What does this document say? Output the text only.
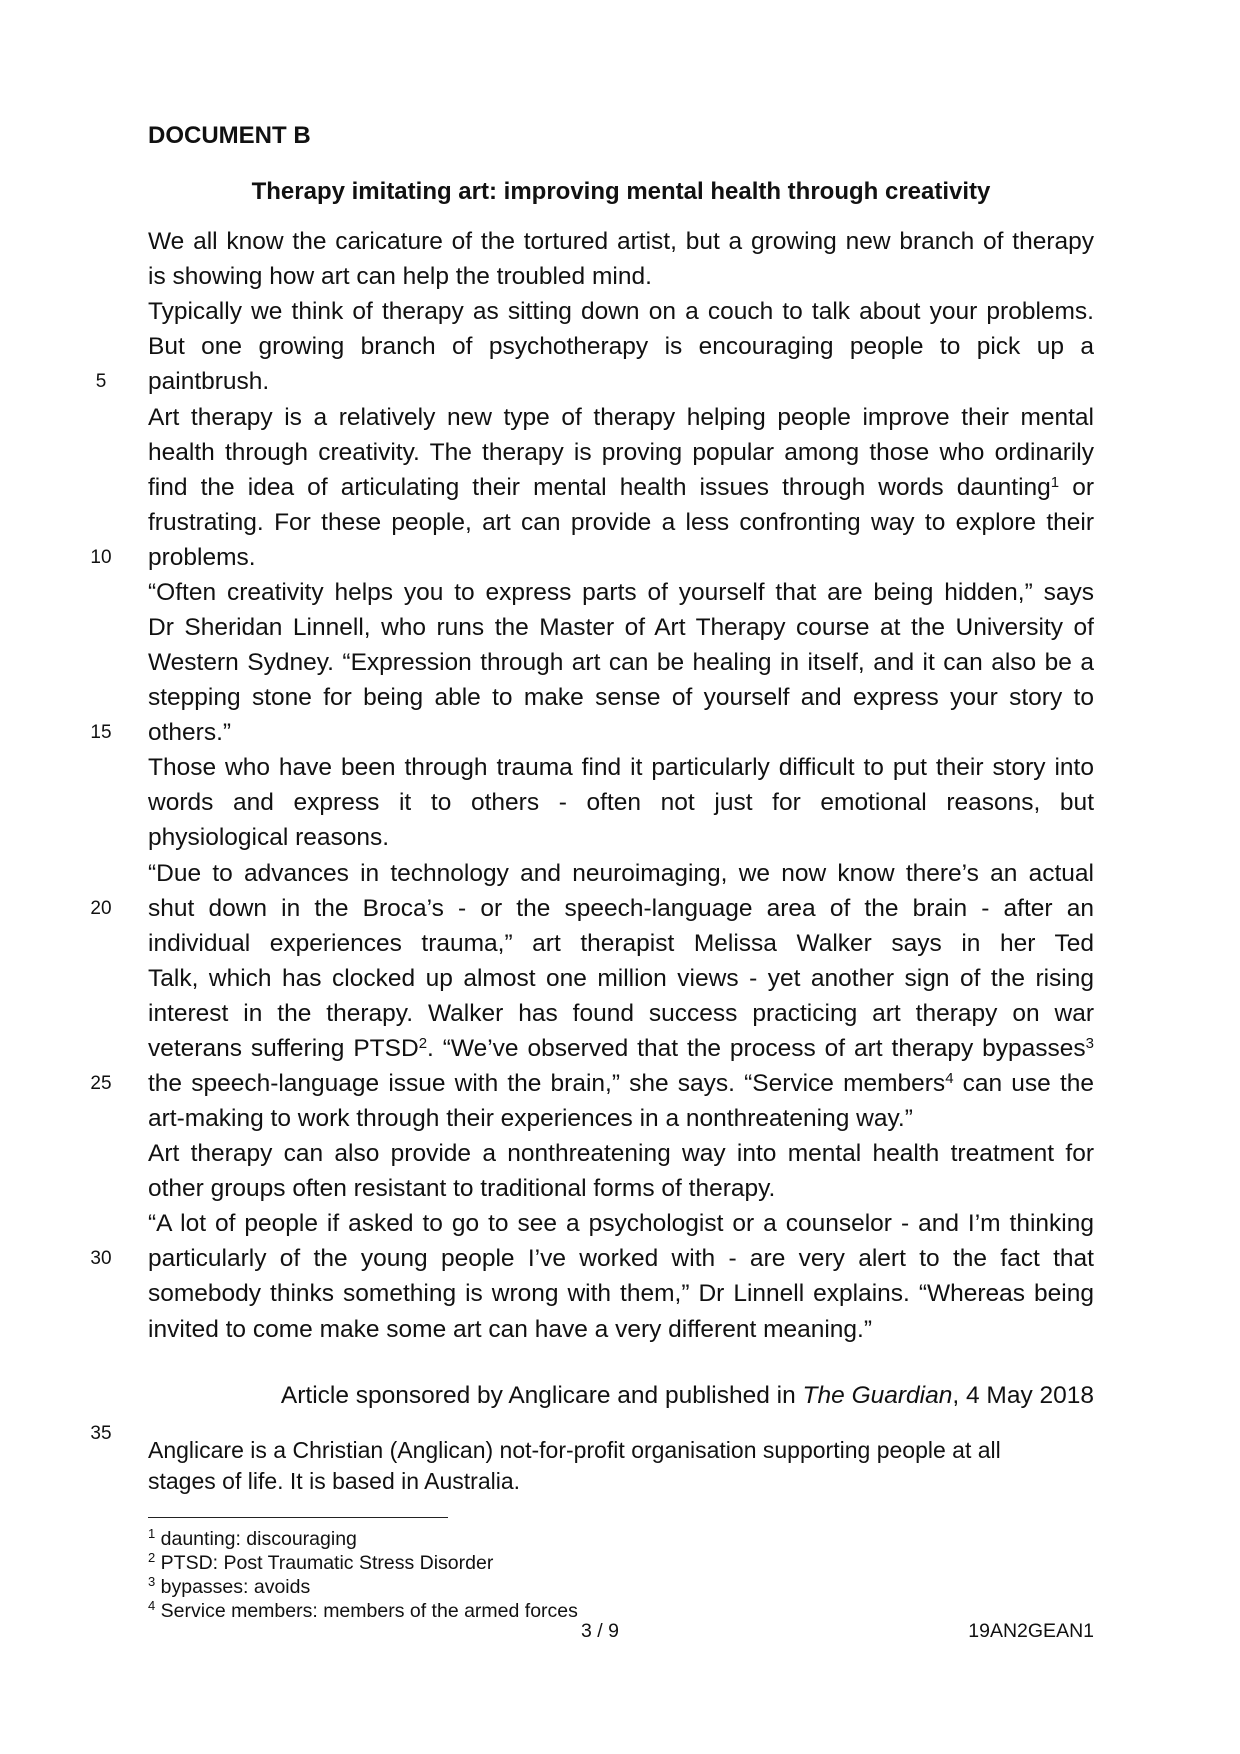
DOCUMENT B
Therapy imitating art: improving mental health through creativity
We all know the caricature of the tortured artist, but a growing new branch of therapy
is showing how art can help the troubled mind.
Typically we think of therapy as sitting down on a couch to talk about your problems.
But one growing branch of psychotherapy is encouraging people to pick up a
paintbrush.
Art therapy is a relatively new type of therapy helping people improve their mental
health through creativity. The therapy is proving popular among those who ordinarily
find the idea of articulating their mental health issues through words daunting$^1$ or
frustrating. For these people, art can provide a less confronting way to explore their
problems.
“Often creativity helps you to express parts of yourself that are being hidden,” says
Dr Sheridan Linnell, who runs the Master of Art Therapy course at the University of
Western Sydney. “Expression through art can be healing in itself, and it can also be a
stepping stone for being able to make sense of yourself and express your story to
others.”
Those who have been through trauma find it particularly difficult to put their story into
words and express it to others - often not just for emotional reasons, but
physiological reasons.
“Due to advances in technology and neuroimaging, we now know there’s an actual
shut down in the Broca’s - or the speech-language area of the brain - after an
individual experiences trauma,” art therapist Melissa Walker says in her Ted
Talk, which has clocked up almost one million views - yet another sign of the rising
interest in the therapy. Walker has found success practicing art therapy on war
veterans suffering PTSD$^2$. “We’ve observed that the process of art therapy bypasses$^3$
the speech-language issue with the brain,” she says. “Service members$^4$ can use the
art-making to work through their experiences in a nonthreatening way.”
Art therapy can also provide a nonthreatening way into mental health treatment for
other groups often resistant to traditional forms of therapy.
“A lot of people if asked to go to see a psychologist or a counselor - and I’m thinking
particularly of the young people I’ve worked with - are very alert to the fact that
somebody thinks something is wrong with them,” Dr Linnell explains. “Whereas being
invited to come make some art can have a very different meaning.”
5
10
15
20
25
30
35
Article sponsored by Anglicare and published in The Guardian, 4 May 2018
Anglicare is a Christian (Anglican) not-for-profit organisation supporting people at all
stages of life. It is based in Australia.
$^1$ daunting: discouraging
$^2$ PTSD: Post Traumatic Stress Disorder
$^3$ bypasses: avoids
$^4$ Service members: members of the armed forces
3 / 9	19AN2GEAN1
